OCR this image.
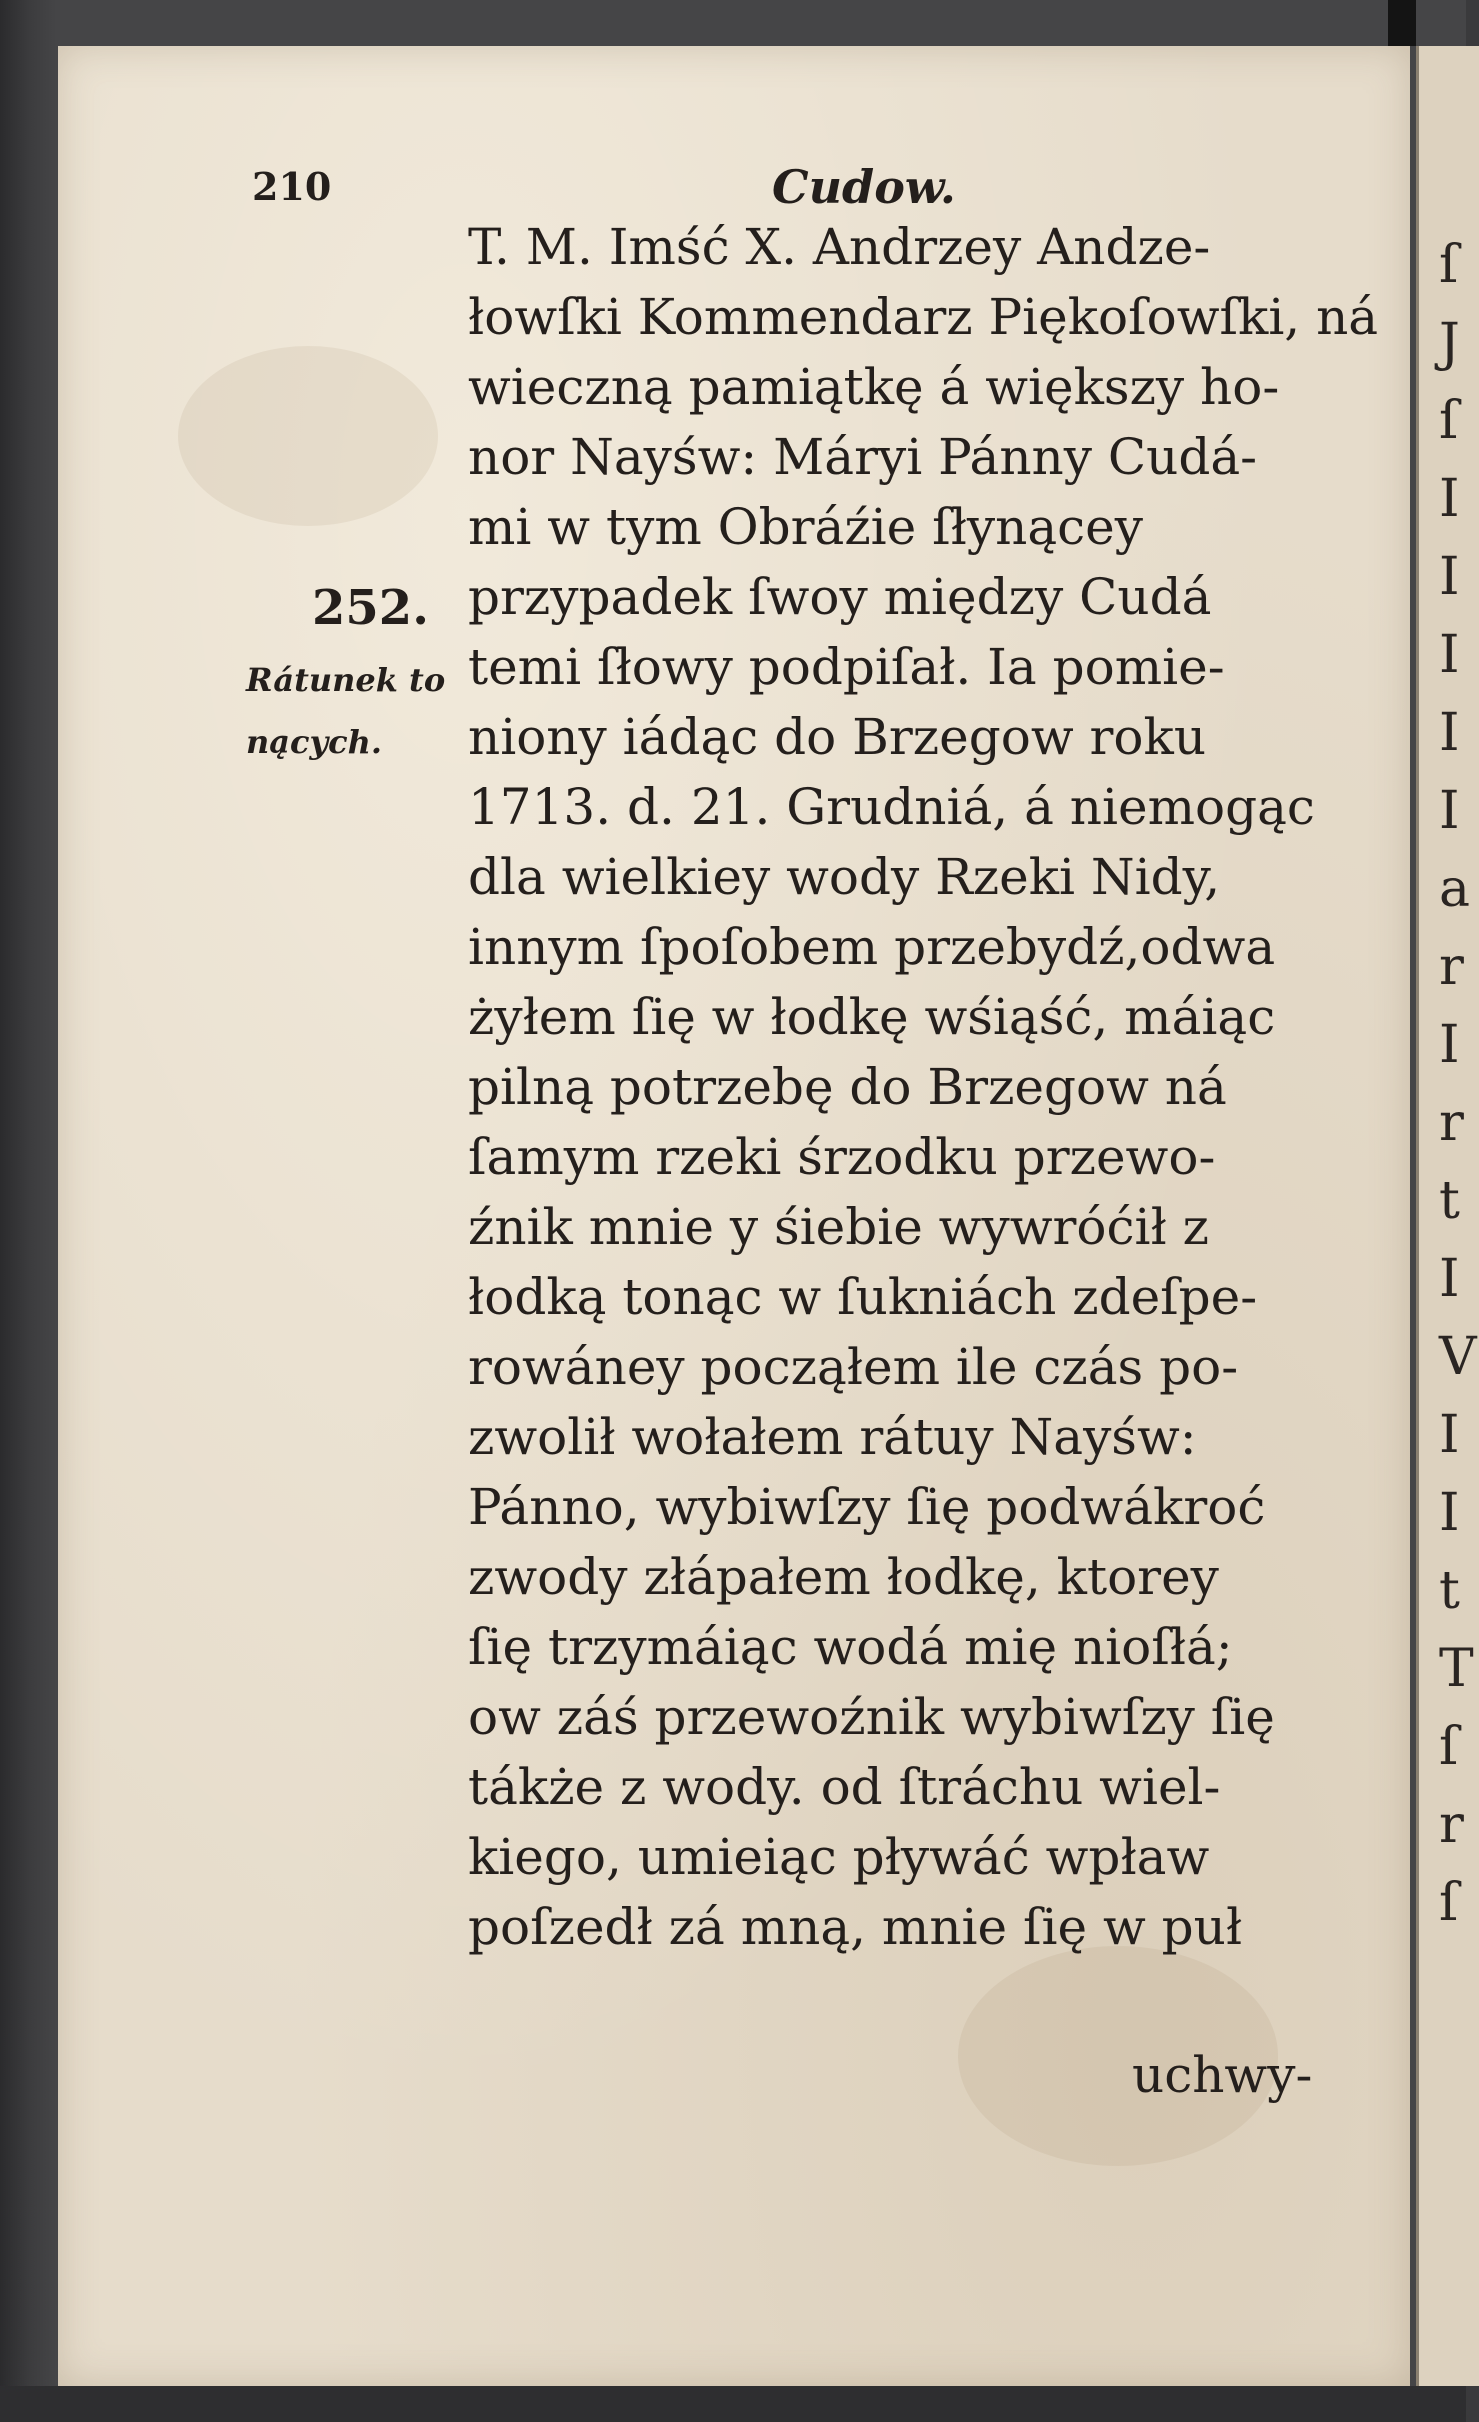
ſ
J
ſ
I
I
I
I
I
a
r
I
r
t
I
V
I
I
t
T
ſ
r
ſ
210	Cudow.
252.
Rátunek to
nących.
T. M. Imść X. Andrzey Andze-
łowſki Kommendarz Piękoſowſki, ná
wieczną pamiątkę á większy ho-
nor Nayśw: Máryi Pánny Cudá-
mi w tym Obráźie ſłynącey
przypadek ſwoy między Cudá
temi ſłowy podpiſał. Ia pomie-
niony iádąc do Brzegow roku
1713. d. 21. Grudniá, á niemogąc
dla wielkiey wody Rzeki Nidy,
innym ſpoſobem przebydź,odwa
żyłem ſię w łodkę wśiąść, máiąc
pilną potrzebę do Brzegow ná
ſamym rzeki śrzodku przewo-
źnik mnie y śiebie wywróćił z
łodką tonąc w ſukniách zdeſpe-
rowáney począłem ile czás po-
zwolił wołałem rátuy Nayśw:
Pánno, wybiwſzy ſię podwákroć
zwody złápałem łodkę, ktorey
ſię trzymáiąc wodá mię nioſłá;
ow záś przewoźnik wybiwſzy ſię
tákże z wody. od ſtráchu wiel-
kiego, umieiąc pływáć wpław
poſzedł zá mną, mnie ſię w puł
uchwy-
